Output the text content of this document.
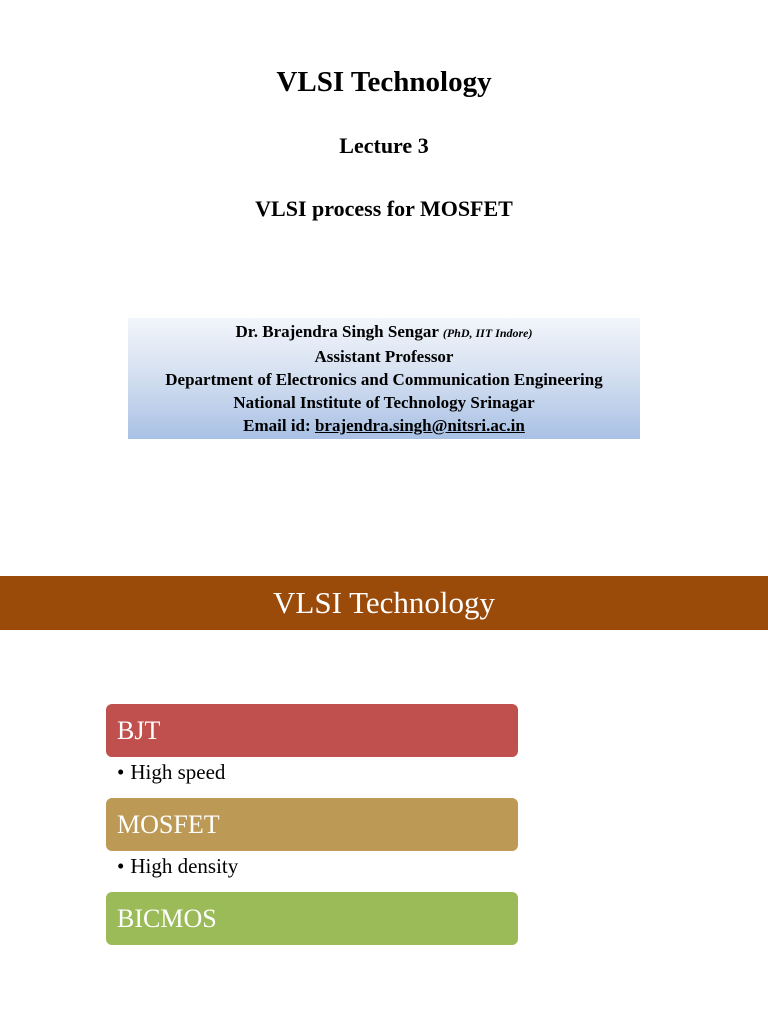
VLSI Technology
Lecture 3
VLSI process for MOSFET
Dr. Brajendra Singh Sengar (PhD, IIT Indore)
Assistant Professor
Department of Electronics and Communication Engineering
National Institute of Technology Srinagar
Email id: brajendra.singh@nitsri.ac.in
VLSI Technology
BJT
• High speed
MOSFET
• High density
BICMOS
